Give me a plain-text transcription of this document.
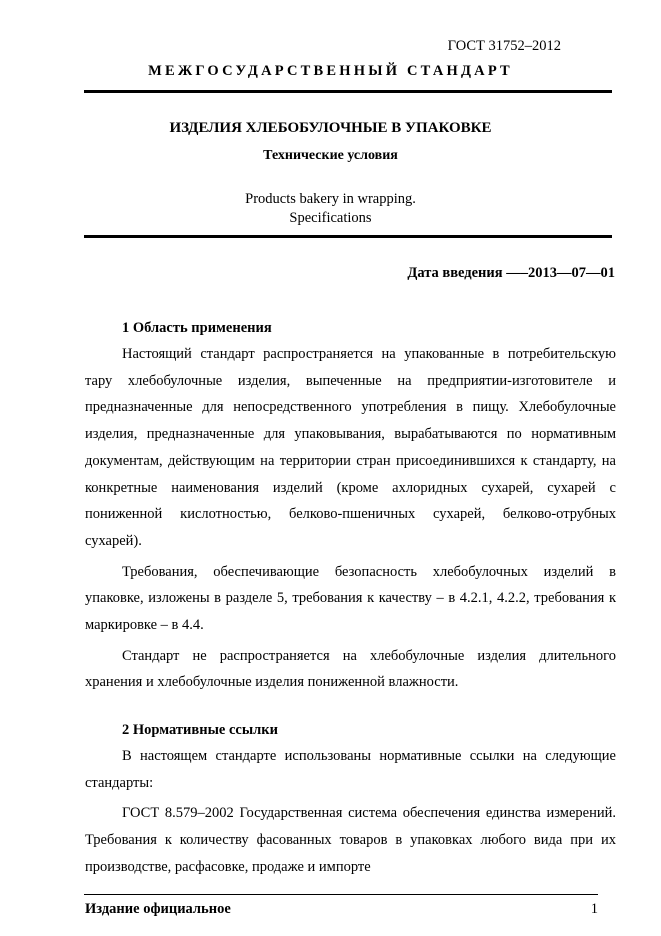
ГОСТ 31752–2012
МЕЖГОСУДАРСТВЕННЫЙ СТАНДАРТ
ИЗДЕЛИЯ ХЛЕБОБУЛОЧНЫЕ В УПАКОВКЕ
Технические условия
Products bakery in wrapping.
Specifications
Дата введения —–2013—07—01
1 Область применения

Настоящий стандарт распространяется на упакованные в потребительскую тару хлебобулочные изделия, выпеченные на предприятии-изготовителе и предназначенные для непосредственного употребления в пищу. Хлебобулочные изделия, предназначенные для упаковывания, вырабатываются по нормативным документам, действующим на территории стран присоединившихся к стандарту, на конкретные наименования изделий (кроме ахлоридных сухарей, сухарей с пониженной кислотностью, белково-пшеничных сухарей, белково-отрубных сухарей).

Требования, обеспечивающие безопасность хлебобулочных изделий в упаковке, изложены в разделе 5, требования к качеству – в 4.2.1, 4.2.2, требования к маркировке – в 4.4.

Стандарт не распространяется на хлебобулочные изделия длительного хранения и хлебобулочные изделия пониженной влажности.

2 Нормативные ссылки

В настоящем стандарте использованы нормативные ссылки на следующие стандарты:

ГОСТ 8.579–2002 Государственная система обеспечения единства измерений. Требования к количеству фасованных товаров в упаковках любого вида при их производстве, расфасовке, продаже и импорте

Издание официальное	1
